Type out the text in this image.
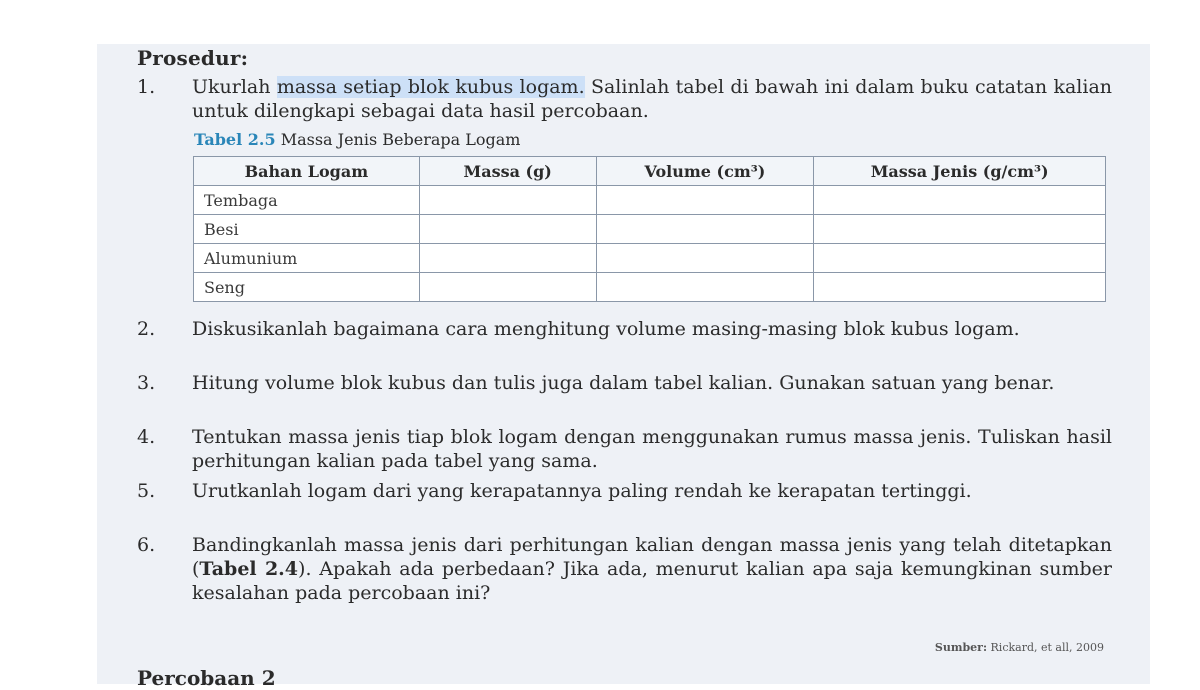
Prosedur:
1. Ukurlah massa setiap blok kubus logam. Salinlah tabel di bawah ini dalam buku catatan kalian untuk dilengkapi sebagai data hasil percobaan.
Tabel 2.5 Massa Jenis Beberapa Logam
Bahan Logam	Massa (g)	Volume (cm³)	Massa Jenis (g/cm³)
Tembaga			
Besi			
Alumunium			
Seng			
2. Diskusikanlah bagaimana cara menghitung volume masing-masing blok kubus logam.
3. Hitung volume blok kubus dan tulis juga dalam tabel kalian. Gunakan satuan yang benar.
4. Tentukan massa jenis tiap blok logam dengan menggunakan rumus massa jenis. Tuliskan hasil perhitungan kalian pada tabel yang sama.
5. Urutkanlah logam dari yang kerapatannya paling rendah ke kerapatan tertinggi.
6. Bandingkanlah massa jenis dari perhitungan kalian dengan massa jenis yang telah ditetapkan (Tabel 2.4). Apakah ada perbedaan? Jika ada, menurut kalian apa saja kemungkinan sumber kesalahan pada percobaan ini?
Sumber: Rickard, et all, 2009
Percobaan 2
